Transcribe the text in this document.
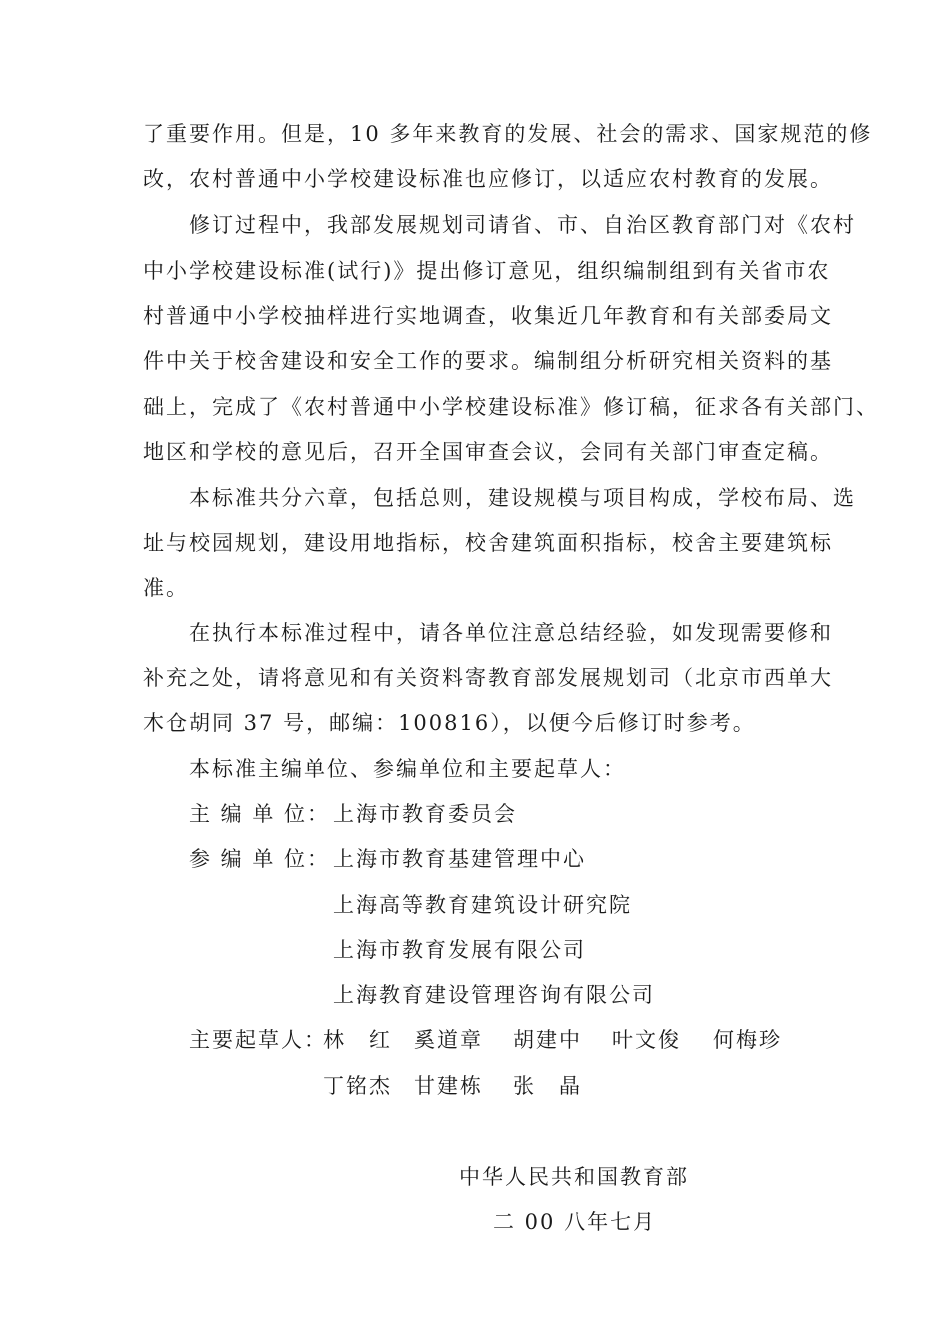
了重要作用。但是，10 多年来教育的发展、社会的需求、国家规范的修
改，农村普通中小学校建设标准也应修订，以适应农村教育的发展。
修订过程中，我部发展规划司请省、市、自治区教育部门对《农村
中小学校建设标准(试行)》提出修订意见，组织编制组到有关省市农
村普通中小学校抽样进行实地调查，收集近几年教育和有关部委局文
件中关于校舍建设和安全工作的要求。编制组分析研究相关资料的基
础上，完成了《农村普通中小学校建设标准》修订稿，征求各有关部门、
地区和学校的意见后，召开全国审查会议，会同有关部门审查定稿。
本标准共分六章，包括总则，建设规模与项目构成，学校布局、选
址与校园规划，建设用地指标，校舍建筑面积指标，校舍主要建筑标
准。
在执行本标准过程中，请各单位注意总结经验，如发现需要修和
补充之处，请将意见和有关资料寄教育部发展规划司（北京市西单大
木仓胡同 37 号，邮编：100816），以便今后修订时参考。
本标准主编单位、参编单位和主要起草人：
主 编 单 位： 上海市教育委员会
参 编 单 位： 上海市教育基建管理中心
上海高等教育建筑设计研究院
上海市教育发展有限公司
上海教育建设管理咨询有限公司
主要起草人：
林　红 奚道章 胡建中 叶文俊 何梅珍
丁铭杰 甘建栋 张　晶
中华人民共和国教育部
二 00 八年七月
